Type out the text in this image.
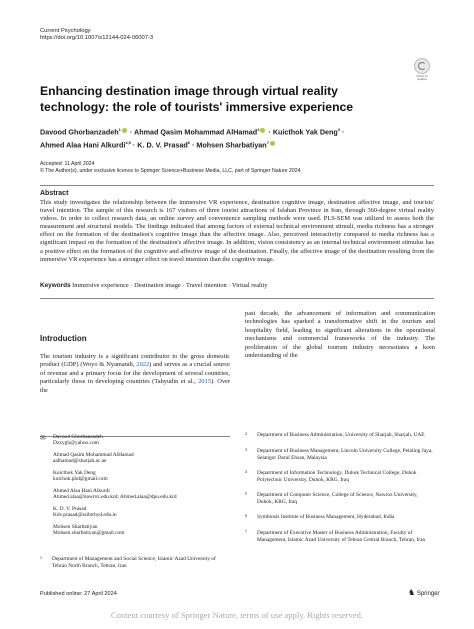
Current Psychology
https://doi.org/10.1007/s12144-024-06007-3
Check for updates
Enhancing destination image through virtual reality technology: the role of tourists' immersive experience
Davood Ghorbanzadeh$^1$ · Ahmad Qasim Mohammad AlHamad$^2$ · Kuicthok Yak Deng$^3$ ·
Ahmed Alaa Hani Alkurdi$^{4,5}$ · K. D. V. Prasad$^6$ · Mohsen Sharbatiyan$^7$
Accepted: 11 April 2024
© The Author(s), under exclusive licence to Springer Science+Business Media, LLC, part of Springer Nature 2024
Abstract
This study investigates the relationship between the immersive VR experience, destination cognitive image, destination affective image, and tourists' travel intention. The sample of this research is 167 visitors of three tourist attractions of Isfahan Province in Iran, through 360-degree virtual reality videos. In order to collect research data, an online survey and convenience sampling methods were used. PLS-SEM was utilized to assess both the measurement and structural models. The findings indicated that among factors of external technical environment stimuli, media richness has a stronger effect on the formation of the destination's cognitive image than the affective image. Also, perceived interactivity compared to media richness has a significant impact on the formation of the destination's affective image. In addition, vision consistency as an internal technical environment stimulus has a positive effect on the formation of the cognitive and affective image of the destination. Finally, the affective image of the destination resulting from the immersive VR experience has a stronger effect on travel intention than the cognitive image.
Keywords Immersive experience · Destination image · Travel intention · Virtual reality
Introduction
The tourism industry is a significant contributor to the gross domestic product (GDP) (Woyo & Nyamandi, 2022) and serves as a crucial source of revenue and a primary focus for the development of several countries, particularly those in developing countries (Tahyudin et al., 2015). Over the
past decade, the advancement of information and communication technologies has sparked a transformative shift in the tourism and hospitality field, leading to significant alterations in the operational mechanisms and commercial frameworks of the industry. The proliferation of the global tourism industry necessitates a keen understanding of the
✉ Davood Ghorbanzadeh
Dzxygh@yahoo.com
Ahmad Qasim Mohammad AlHamad
aalhamad@sharjah.ac.ae
Kuicthok Yak Deng
kuichok.phd@gmail.com
Ahmed Alaa Hani Alkurdi
Ahmed.alaa@nawroz.edu.krd; Ahmed.alaa@dpu.edu.krd
K. D. V. Prasad
Kdv.prasad@ssibtrhyd.edu.in
Mohsen Sharbatiyan
Mohsen.sharbatiyan@gmail.com
1 Department of Management and Social Science, Islamic Azad University of Tehran North Branch, Tehran, Iran
2 Department of Business Administration, University of Sharjah, Sharjah, UAE
3 Department of Business Management, Lincoln University College, Petaling Jaya, Selangor Darul Ehsan, Malaysia
4 Department of Information Technology, Duhok Technical College, Duhok Polytechnic University, Duhok, KRG, Iraq
5 Department of Computer Science, College of Science, Nawroz University, Duhok, KRG, Iraq
6 Symbiosis Institute of Business Management, Hyderabad, India
7 Department of Executive Master of Business Administration, Faculty of Management, Islamic Azad University of Tehran Central Branch, Tehran, Iran
Published online: 27 April 2024	♞ Springer
Content courtesy of Springer Nature, terms of use apply. Rights reserved.
